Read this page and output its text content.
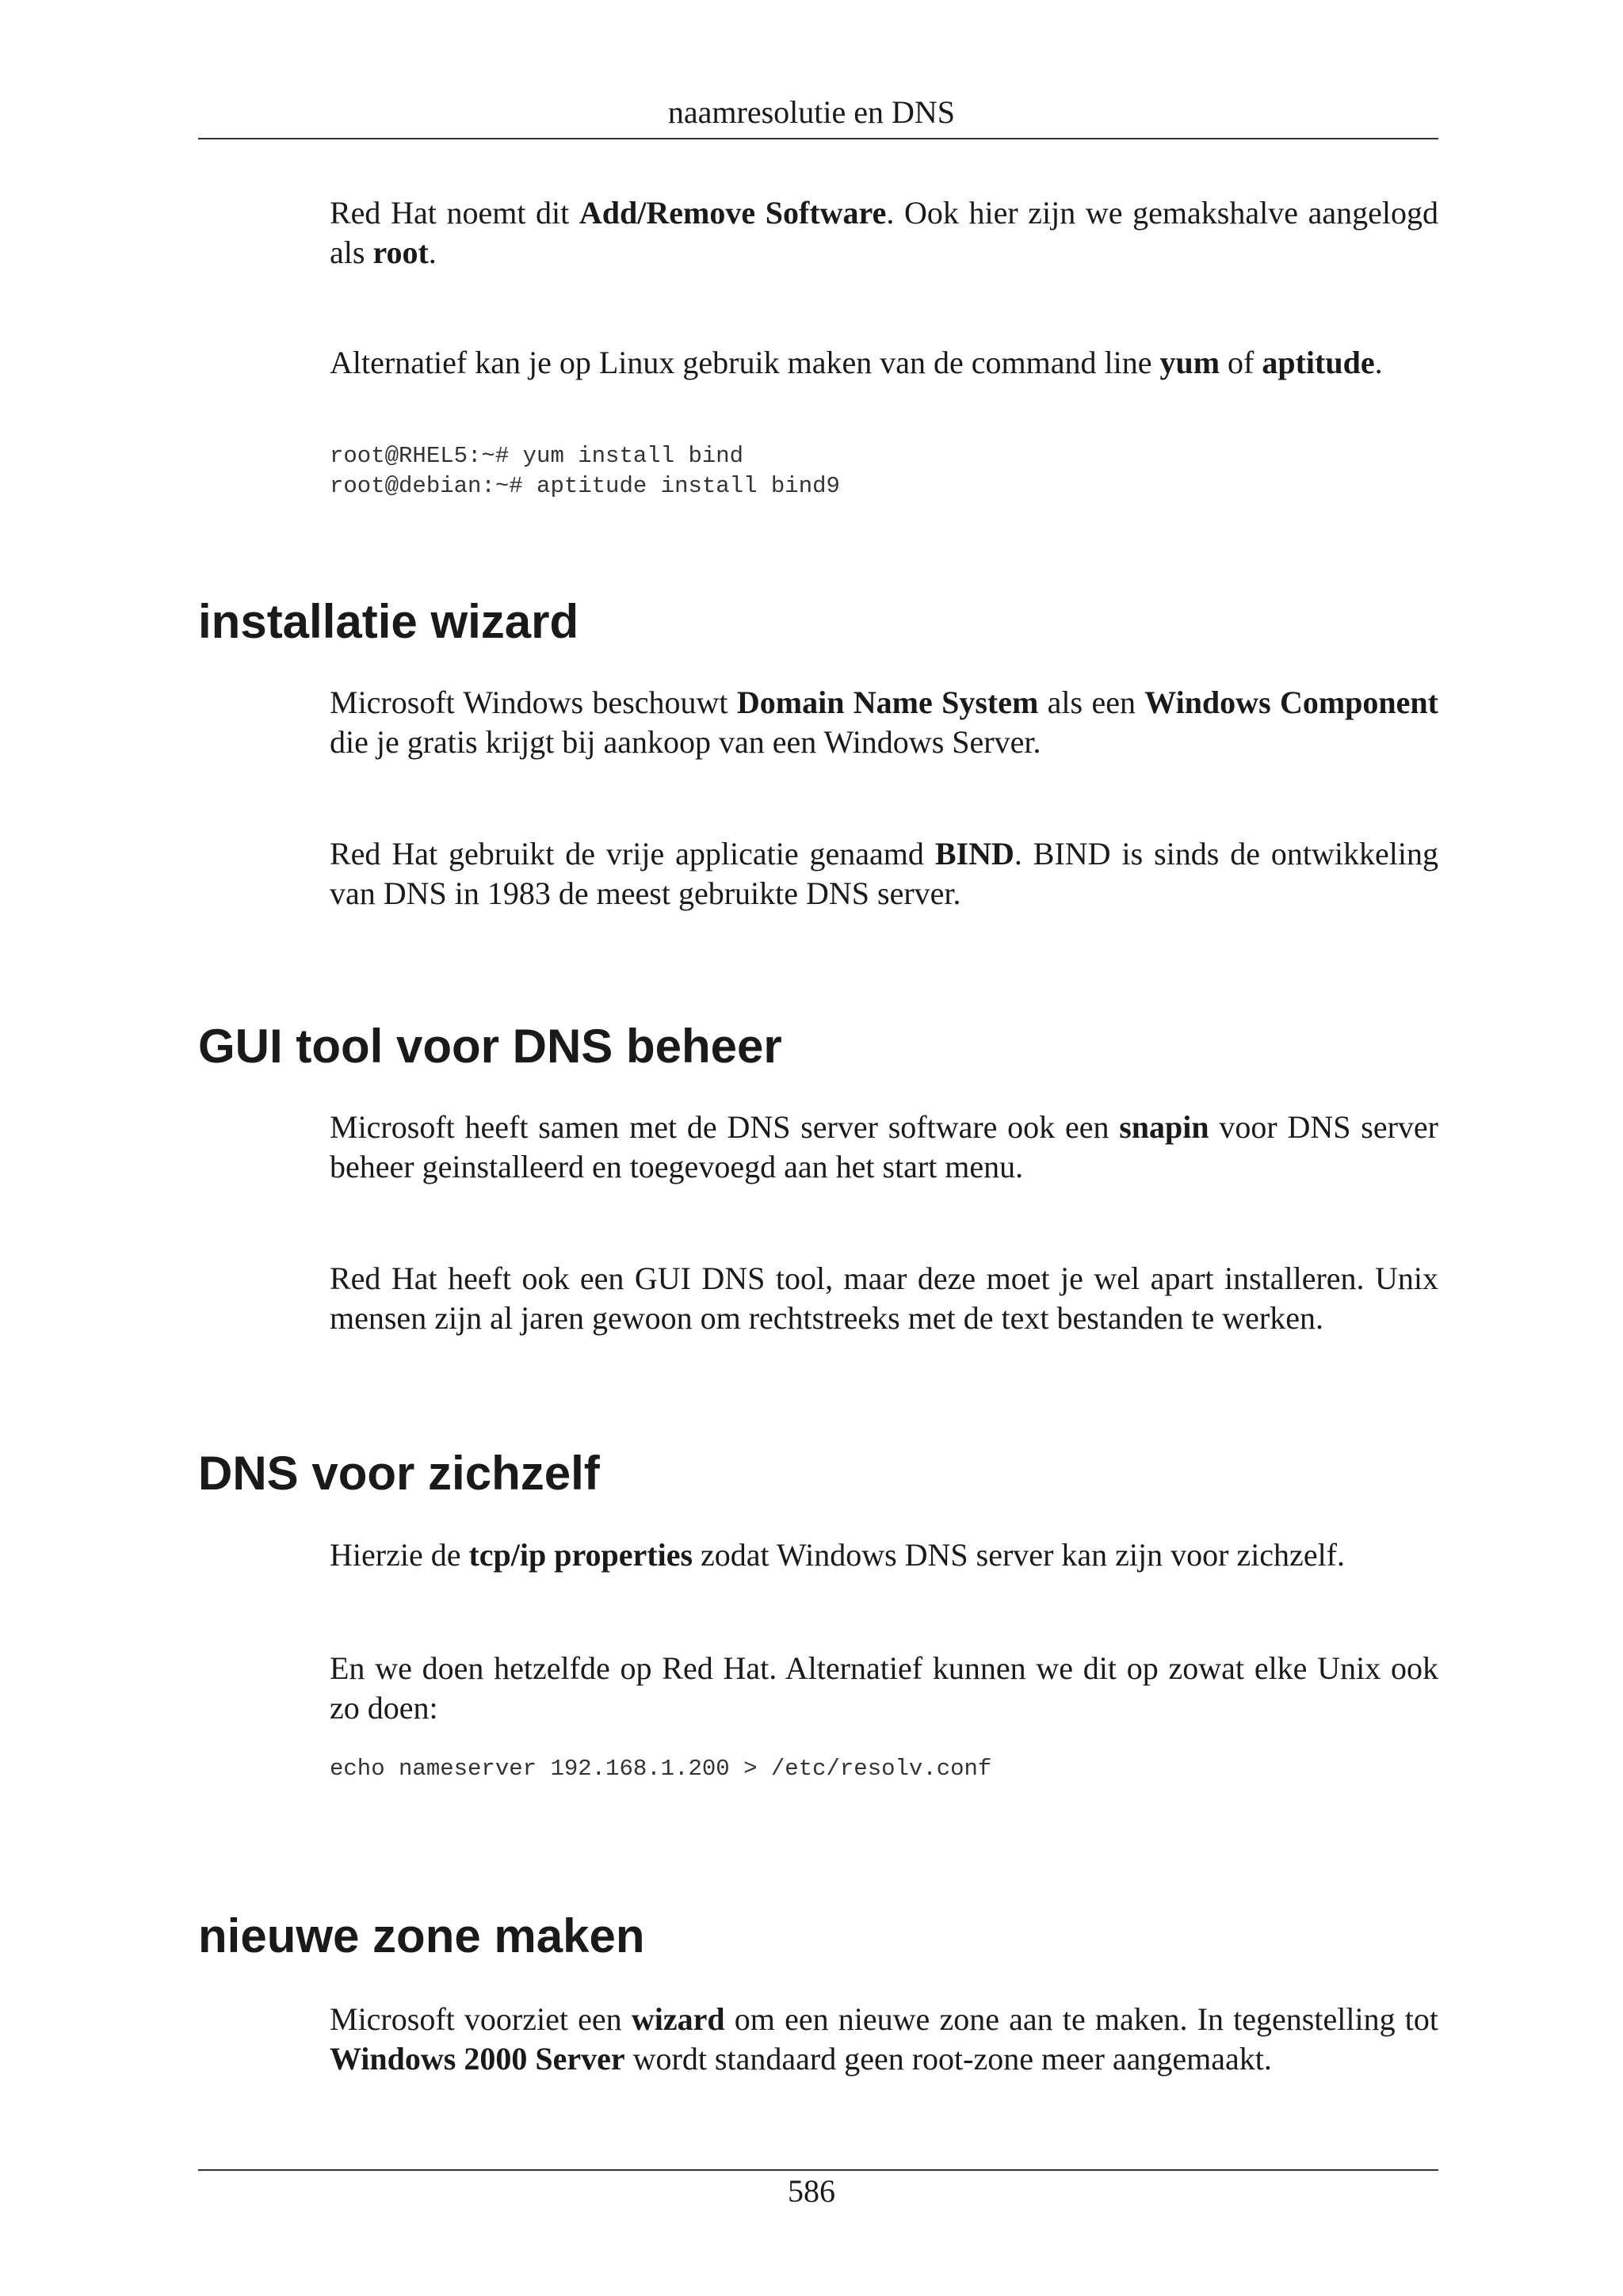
naamresolutie en DNS

Red Hat noemt dit Add/Remove Software. Ook hier zijn we gemakshalve aangelogd als root.

Alternatief kan je op Linux gebruik maken van de command line yum of aptitude.

root@RHEL5:~# yum install bind
root@debian:~# aptitude install bind9
installatie wizard

Microsoft Windows beschouwt Domain Name System als een Windows Component die je gratis krijgt bij aankoop van een Windows Server.

Red Hat gebruikt de vrije applicatie genaamd BIND. BIND is sinds de ontwikkeling van DNS in 1983 de meest gebruikte DNS server.

GUI tool voor DNS beheer

Microsoft heeft samen met de DNS server software ook een snapin voor DNS server beheer geinstalleerd en toegevoegd aan het start menu.

Red Hat heeft ook een GUI DNS tool, maar deze moet je wel apart installeren. Unix mensen zijn al jaren gewoon om rechtstreeks met de text bestanden te werken.

DNS voor zichzelf

Hierzie de tcp/ip properties zodat Windows DNS server kan zijn voor zichzelf.

En we doen hetzelfde op Red Hat. Alternatief kunnen we dit op zowat elke Unix ook zo doen:

echo nameserver 192.168.1.200 > /etc/resolv.conf
nieuwe zone maken

Microsoft voorziet een wizard om een nieuwe zone aan te maken. In tegenstelling tot Windows 2000 Server wordt standaard geen root-zone meer aangemaakt.

586
